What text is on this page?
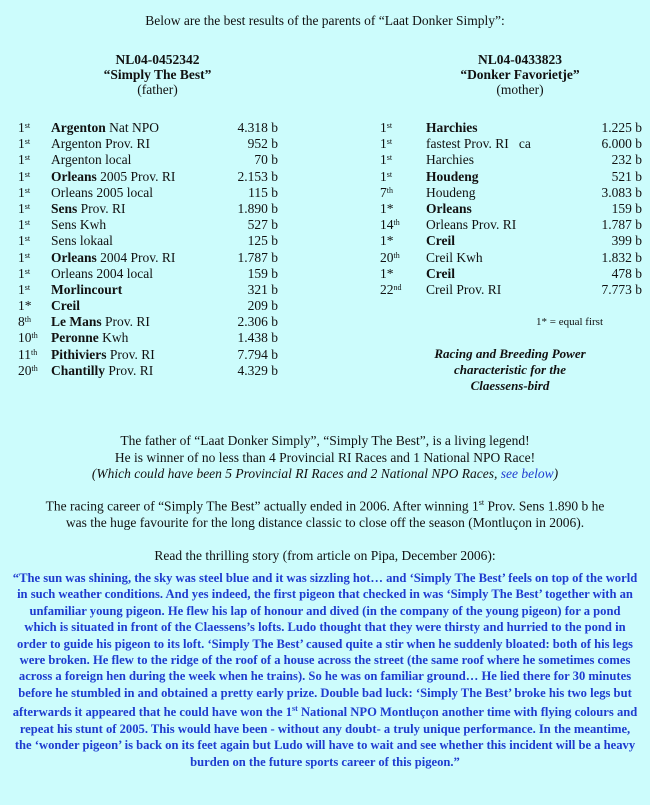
Below are the best results of the parents of “Laat Donker Simply”:
NL04-0452342
“Simply The Best”
(father)
NL04-0433823
“Donker Favorietje”
(mother)
1st Argenton Nat NPO	4.318 b
1st Argenton Prov. RI	952 b
1st Argenton local	70 b
1st Orleans 2005 Prov. RI	2.153 b
1st Orleans 2005 local	115 b
1st Sens Prov. RI	1.890 b
1st Sens Kwh	527 b
1st Sens lokaal	125 b
1st Orleans 2004 Prov. RI	1.787 b
1st Orleans 2004 local	159 b
1st Morlincourt	321 b
1* Creil	209 b
8th Le Mans Prov. RI	2.306 b
10th Peronne Kwh	1.438 b
11th Pithiviers Prov. RI	7.794 b
20th Chantilly Prov. RI	4.329 b
1st	Harchies	1.225 b
1st	fastest Prov. RI   ca	6.000 b
1st	Harchies	232 b
1st	Houdeng	521 b
7th Houdeng	3.083 b
1* Orleans	159 b
14th Orleans Prov. RI	1.787 b
1* Creil	399 b
20th Creil Kwh	1.832 b
1* Creil	478 b
22nd Creil Prov. RI	7.773 b
1* = equal first
Racing and Breeding Power
characteristic for the
Claessens-bird
The father of “Laat Donker Simply”, “Simply The Best”, is a living legend!
He is winner of no less than 4 Provincial RI Races and 1 National NPO Race!
(Which could have been 5 Provincial RI Races and 2 National NPO Races, see below)
The racing career of “Simply The Best” actually ended in 2006. After winning 1st Prov. Sens 1.890 b he
was the huge favourite for the long distance classic to close off the season (Montluçon in 2006).
Read the thrilling story (from article on Pipa, December 2006):
“The sun was shining, the sky was steel blue and it was sizzling hot… and ‘Simply The Best’ feels on top of the world in such weather conditions. And yes indeed, the first pigeon that checked in was ‘Simply The Best’ together with an unfamiliar young pigeon. He flew his lap of honour and dived (in the company of the young pigeon) for a pond which is situated in front of the Claessens’s lofts. Ludo thought that they were thirsty and hurried to the pond in order to guide his pigeon to its loft. ‘Simply The Best’ caused quite a stir when he suddenly bloated: both of his legs were broken. He flew to the ridge of the roof of a house across the street (the same roof where he sometimes comes across a foreign hen during the week when he trains). So he was on familiar ground… He lied there for 30 minutes before he stumbled in and obtained a pretty early prize. Double bad luck: ‘Simply The Best’ broke his two legs but afterwards it appeared that he could have won the 1st National NPO Montluçon another time with flying colours and repeat his stunt of 2005. This would have been - without any doubt- a truly unique performance. In the meantime, the ‘wonder pigeon’ is back on its feet again but Ludo will have to wait and see whether this incident will be a heavy burden on the future sports career of this pigeon.”
